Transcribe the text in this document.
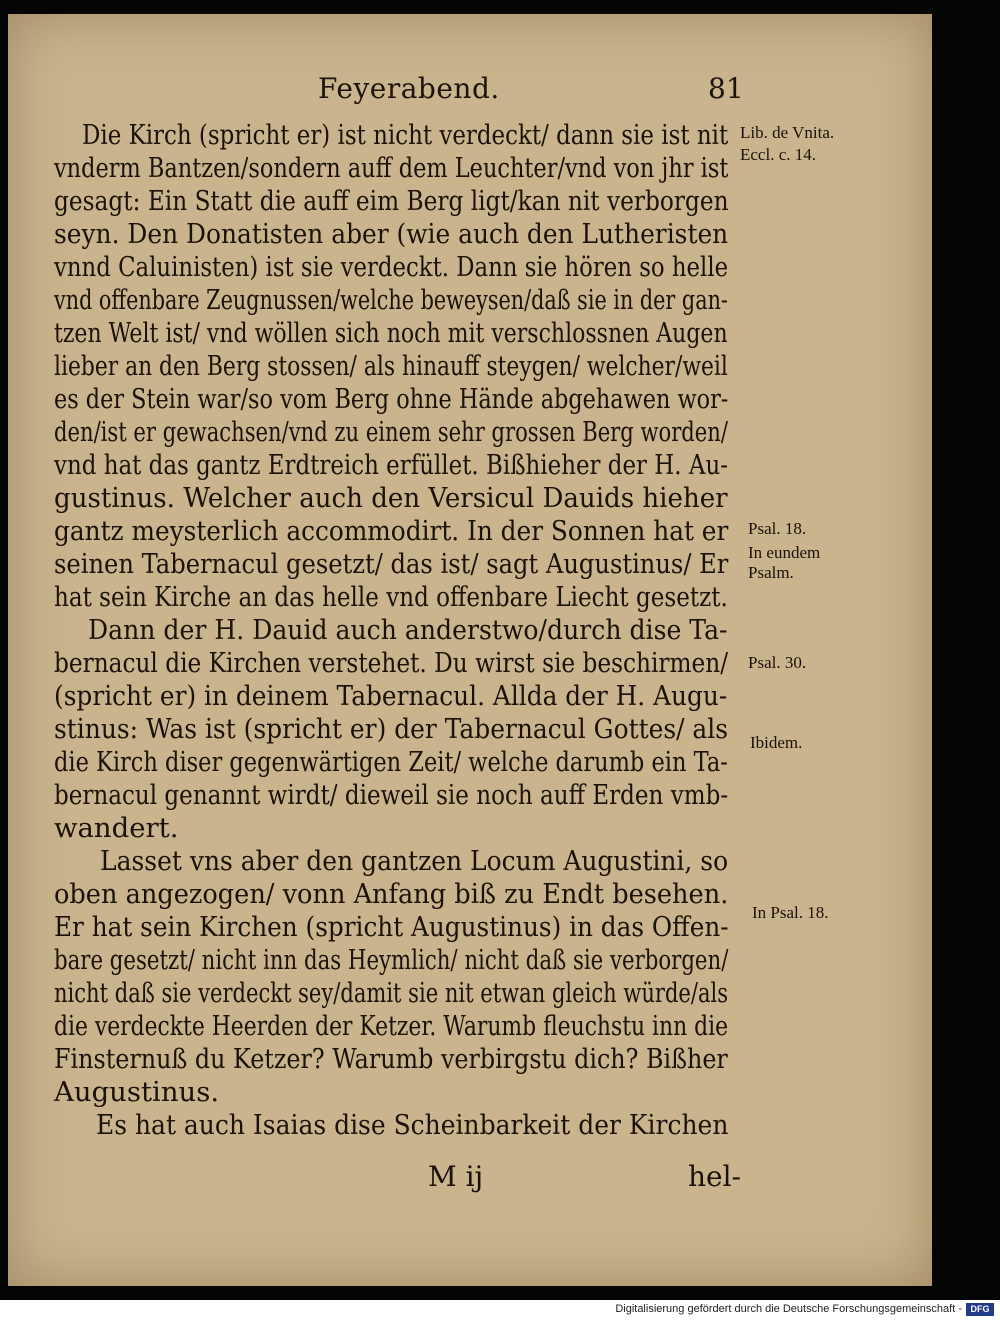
Feyerabend.	81
Die Kirch (spricht er) ist nicht verdeckt/ dann sie ist nit
vnderm Bantzen/sondern auff dem Leuchter/vnd von jhr ist
gesagt: Ein Statt die auff eim Berg ligt/kan nit verborgen
seyn. Den Donatisten aber (wie auch den Lutheristen
vnnd Caluinisten) ist sie verdeckt. Dann sie hören so helle
vnd offenbare Zeugnussen/welche beweysen/daß sie in der gan-
tzen Welt ist/ vnd wöllen sich noch mit verschlossnen Augen
lieber an den Berg stossen/ als hinauff steygen/ welcher/weil
es der Stein war/so vom Berg ohne Hände abgehawen wor-
den/ist er gewachsen/vnd zu einem sehr grossen Berg worden/
vnd hat das gantz Erdtreich erfüllet. Bißhieher der H. Au-
gustinus. Welcher auch den Versicul Dauids hieher
gantz meysterlich accommodirt. In der Sonnen hat er
seinen Tabernacul gesetzt/ das ist/ sagt Augustinus/ Er
hat sein Kirche an das helle vnd offenbare Liecht gesetzt.
Dann der H. Dauid auch anderstwo/durch dise Ta-
bernacul die Kirchen verstehet. Du wirst sie beschirmen/
(spricht er) in deinem Tabernacul. Allda der H. Augu-
stinus: Was ist (spricht er) der Tabernacul Gottes/ als
die Kirch diser gegenwärtigen Zeit/ welche darumb ein Ta-
bernacul genannt wirdt/ dieweil sie noch auff Erden vmb-
wandert.
Lasset vns aber den gantzen Locum Augustini, so
oben angezogen/ vonn Anfang biß zu Endt besehen.
Er hat sein Kirchen (spricht Augustinus) in das Offen-
bare gesetzt/ nicht inn das Heymlich/ nicht daß sie verborgen/
nicht daß sie verdeckt sey/damit sie nit etwan gleich würde/als
die verdeckte Heerden der Ketzer. Warumb fleuchstu inn die
Finsternuß du Ketzer? Warumb verbirgstu dich? Bißher
Augustinus.
Es hat auch Isaias dise Scheinbarkeit der Kirchen
Lib. de Vnita.
Eccl. c. 14.
Psal. 18.
In eundem
Psalm.
Psal. 30.
Ibidem.
In Psal. 18.
M ij	hel-
Digitalisierung gefördert durch die Deutsche Forschungsgemeinschaft - DFG
